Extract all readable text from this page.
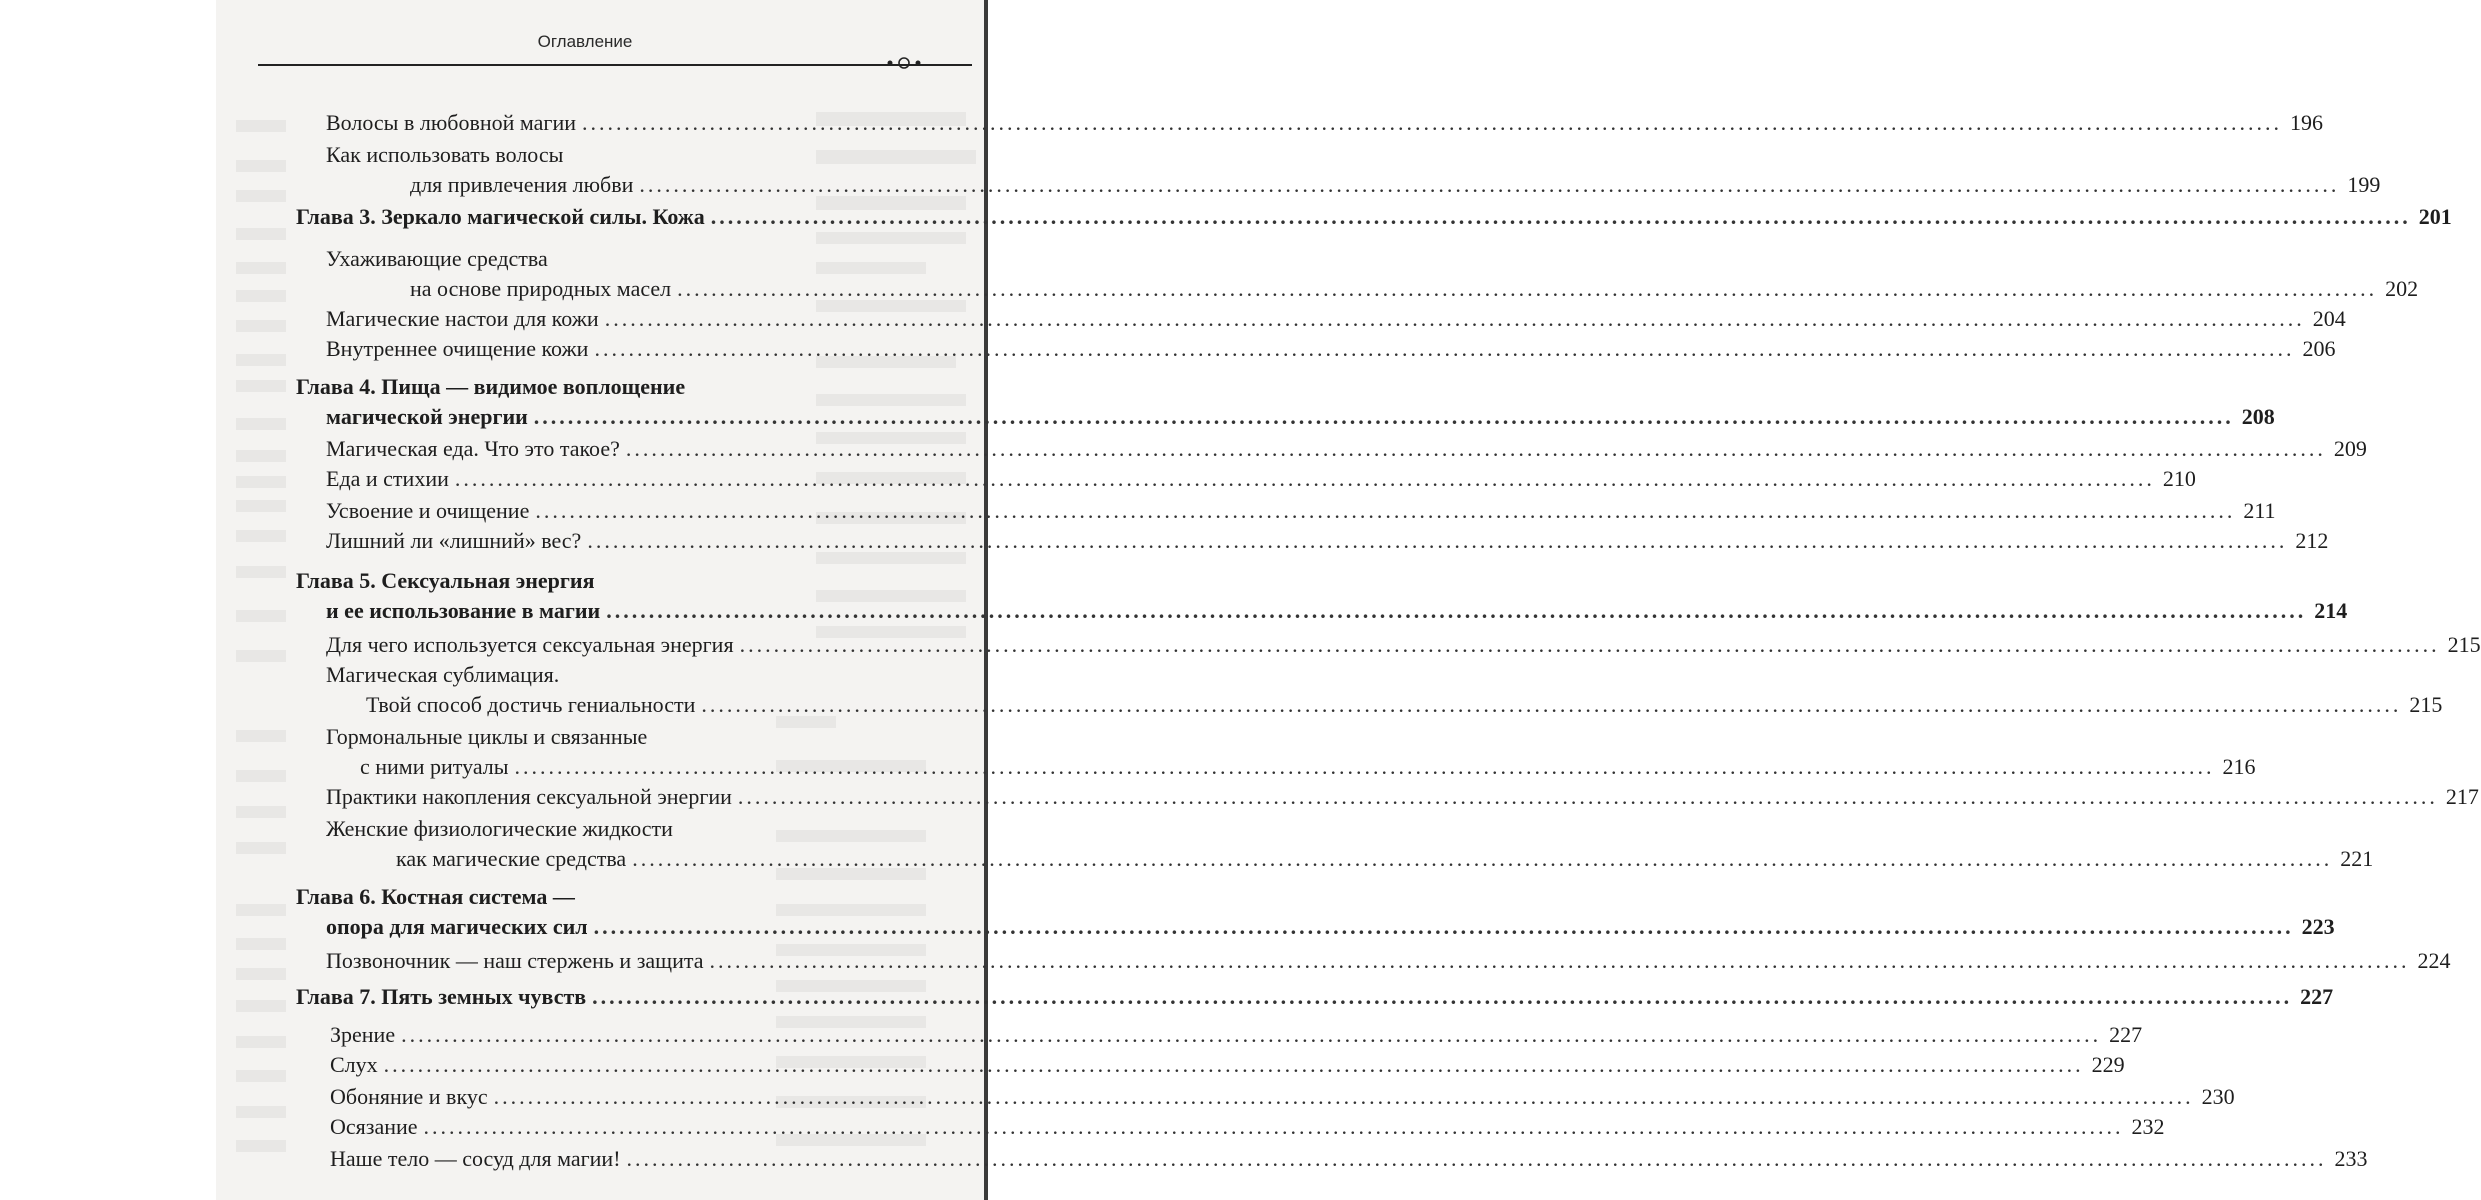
Оглавление
Волосы в любовной магии ........................................................................................................................................................................................................ 196
Как использовать волосы
для привлечения любви ........................................................................................................................................................................................................ 199
Глава 3. Зеркало магической силы. Кожа ........................................................................................................................................................................................................ 201
Ухаживающие средства
на основе природных масел ........................................................................................................................................................................................................ 202
Магические настои для кожи ........................................................................................................................................................................................................ 204
Внутреннее очищение кожи ........................................................................................................................................................................................................ 206
Глава 4. Пища — видимое воплощение
магической энергии ........................................................................................................................................................................................................ 208
Магическая еда. Что это такое? ........................................................................................................................................................................................................ 209
Еда и стихии ........................................................................................................................................................................................................ 210
Усвоение и очищение ........................................................................................................................................................................................................ 211
Лишний ли «лишний» вес? ........................................................................................................................................................................................................ 212
Глава 5. Сексуальная энергия
и ее использование в магии ........................................................................................................................................................................................................ 214
Для чего используется сексуальная энергия ........................................................................................................................................................................................................ 215
Магическая сублимация.
Твой способ достичь гениальности ........................................................................................................................................................................................................ 215
Гормональные циклы и связанные
с ними ритуалы ........................................................................................................................................................................................................ 216
Практики накопления сексуальной энергии ........................................................................................................................................................................................................ 217
Женские физиологические жидкости
как магические средства ........................................................................................................................................................................................................ 221
Глава 6. Костная система —
опора для магических сил ........................................................................................................................................................................................................ 223
Позвоночник — наш стержень и защита ........................................................................................................................................................................................................ 224
Глава 7. Пять земных чувств ........................................................................................................................................................................................................ 227
Зрение ........................................................................................................................................................................................................ 227
Слух ........................................................................................................................................................................................................ 229
Обоняние и вкус ........................................................................................................................................................................................................ 230
Осязание ........................................................................................................................................................................................................ 232
Наше тело — сосуд для магии! ........................................................................................................................................................................................................ 233
